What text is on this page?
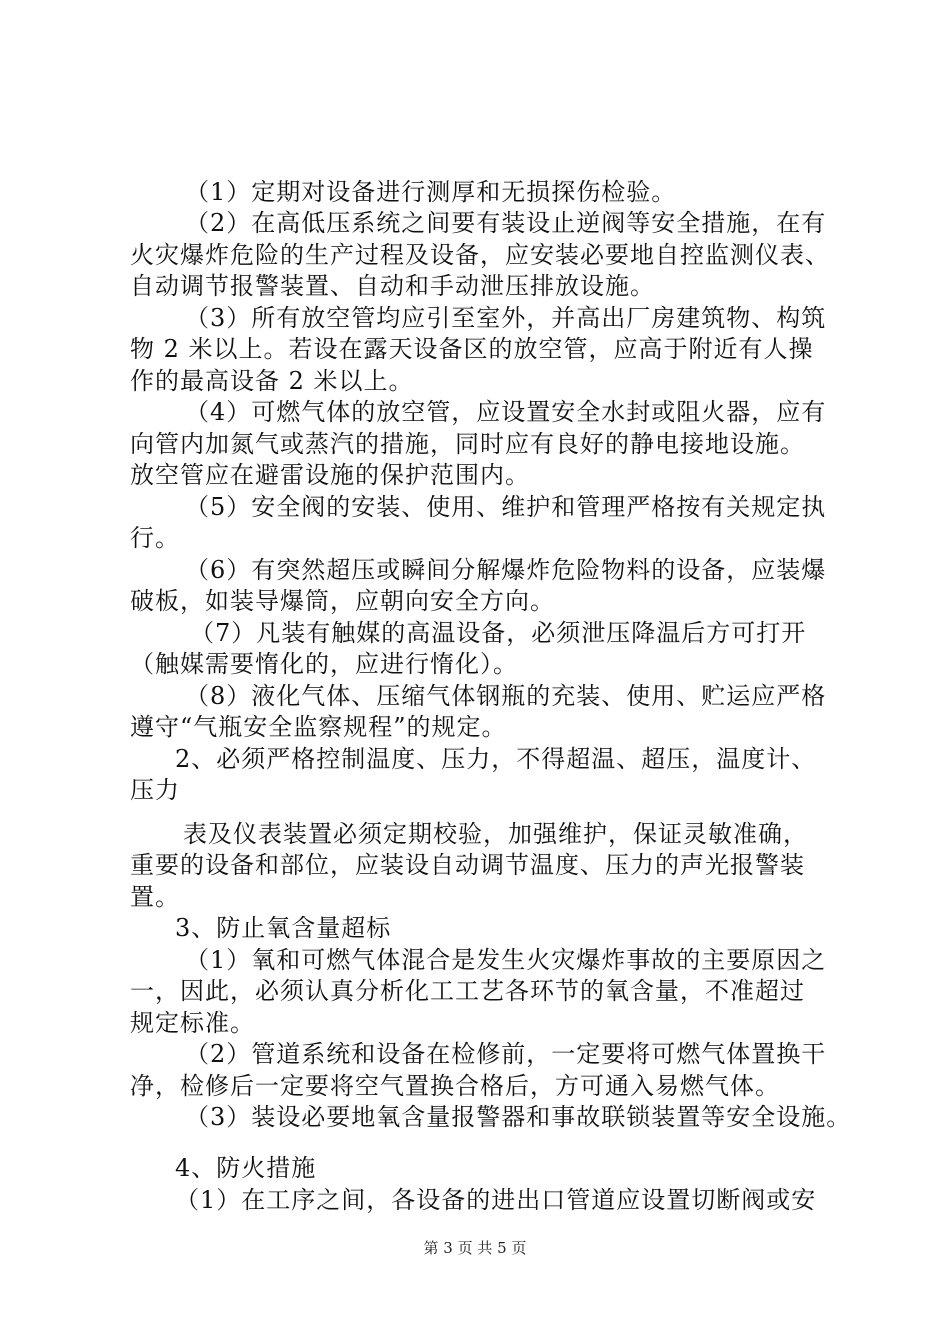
（1）定期对设备进行测厚和无损探伤检验。
（2）在高低压系统之间要有装设止逆阀等安全措施，在有
火灾爆炸危险的生产过程及设备，应安装必要地自控监测仪表、
自动调节报警装置、自动和手动泄压排放设施。
（3）所有放空管均应引至室外，并高出厂房建筑物、构筑
物 2 米以上。若设在露天设备区的放空管，应高于附近有人操
作的最高设备 2 米以上。
（4）可燃气体的放空管，应设置安全水封或阻火器，应有
向管内加氮气或蒸汽的措施，同时应有良好的静电接地设施。
放空管应在避雷设施的保护范围内。
（5）安全阀的安装、使用、维护和管理严格按有关规定执
行。
（6）有突然超压或瞬间分解爆炸危险物料的设备，应装爆
破板，如装导爆筒，应朝向安全方向。
（7）凡装有触媒的高温设备，必须泄压降温后方可打开
（触媒需要惰化的，应进行惰化）。
（8）液化气体、压缩气体钢瓶的充装、使用、贮运应严格
遵守“气瓶安全监察规程”的规定。
2、必须严格控制温度、压力，不得超温、超压，温度计、
压力
表及仪表装置必须定期校验，加强维护，保证灵敏准确，
重要的设备和部位，应装设自动调节温度、压力的声光报警装
置。
3、防止氧含量超标
（1）氧和可燃气体混合是发生火灾爆炸事故的主要原因之
一，因此，必须认真分析化工工艺各环节的氧含量，不准超过
规定标准。
（2）管道系统和设备在检修前，一定要将可燃气体置换干
净，检修后一定要将空气置换合格后，方可通入易燃气体。
（3）装设必要地氧含量报警器和事故联锁装置等安全设施。
4、防火措施
（1）在工序之间，各设备的进出口管道应设置切断阀或安
第 3 页 共 5 页
